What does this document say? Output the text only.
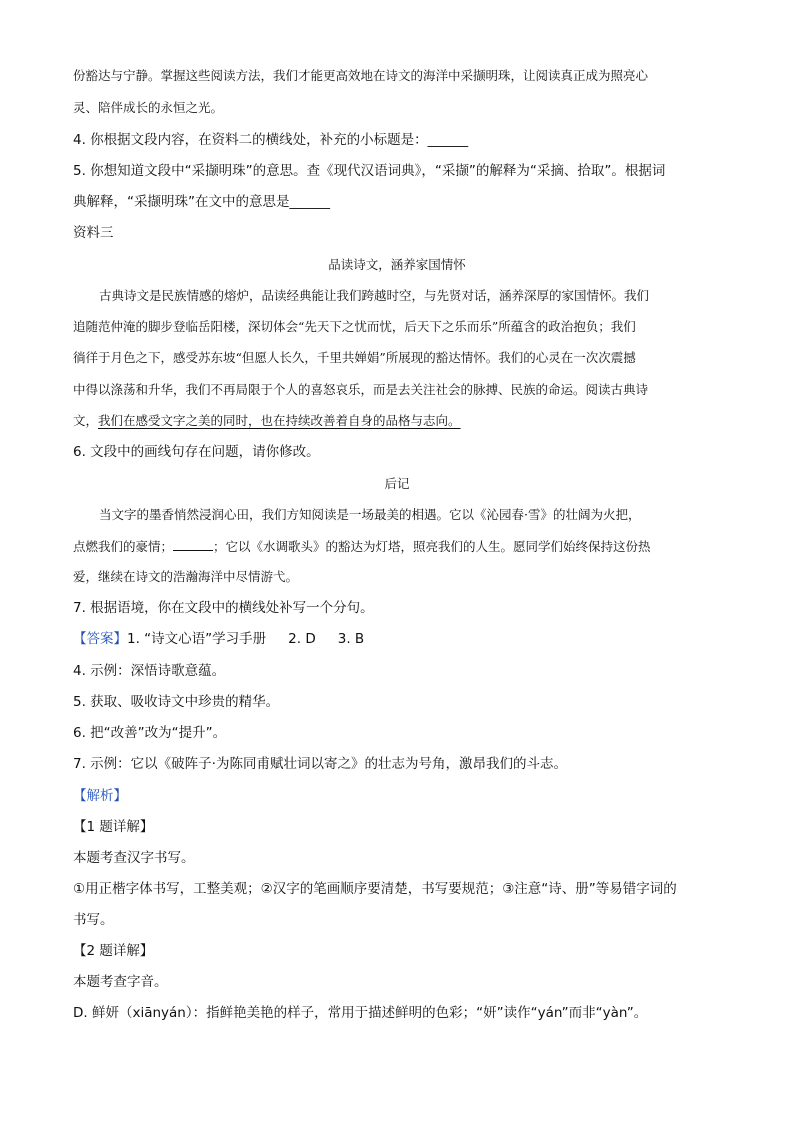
份豁达与宁静。掌握这些阅读方法，我们才能更高效地在诗文的海洋中采撷明珠，让阅读真正成为照亮心
灵、陪伴成长的永恒之光。
4. 你根据文段内容，在资料二的横线处，补充的小标题是：______
5. 你想知道文段中“采撷明珠”的意思。查《现代汉语词典》，“采撷”的解释为“采摘、拾取”。根据词
典解释，“采撷明珠”在文中的意思是______
资料三
品读诗文，涵养家国情怀
古典诗文是民族情感的熔炉，品读经典能让我们跨越时空，与先贤对话，涵养深厚的家国情怀。我们
追随范仲淹的脚步登临岳阳楼，深切体会“先天下之忧而忧，后天下之乐而乐”所蕴含的政治抱负；我们
徜徉于月色之下，感受苏东坡“但愿人长久，千里共婵娟”所展现的豁达情怀。我们的心灵在一次次震撼
中得以涤荡和升华，我们不再局限于个人的喜怒哀乐，而是去关注社会的脉搏、民族的命运。阅读古典诗
文，我们在感受文字之美的同时，也在持续改善着自身的品格与志向。
6. 文段中的画线句存在问题，请你修改。
后记
当文字的墨香悄然浸润心田，我们方知阅读是一场最美的相遇。它以《沁园春·雪》的壮阔为火把，
点燃我们的豪情；	；它以《水调歌头》的豁达为灯塔，照亮我们的人生。愿同学们始终保持这份热
爱，继续在诗文的浩瀚海洋中尽情游弋。
7. 根据语境，你在文段中的横线处补写一个分句。
【答案】1. “诗文心语”学习手册 2. D 3. B
4. 示例：深悟诗歌意蕴。
5. 获取、吸收诗文中珍贵的精华。
6. 把“改善”改为“提升”。
7. 示例：它以《破阵子·为陈同甫赋壮词以寄之》的壮志为号角，激昂我们的斗志。
【解析】
【1 题详解】
本题考查汉字书写。
①用正楷字体书写，工整美观；②汉字的笔画顺序要清楚，书写要规范；③注意“诗、册”等易错字词的
书写。
【2 题详解】
本题考查字音。
D. 鲜妍（xiānyán）：指鲜艳美艳的样子，常用于描述鲜明的色彩；“妍”读作“yán”而非“yàn”。
